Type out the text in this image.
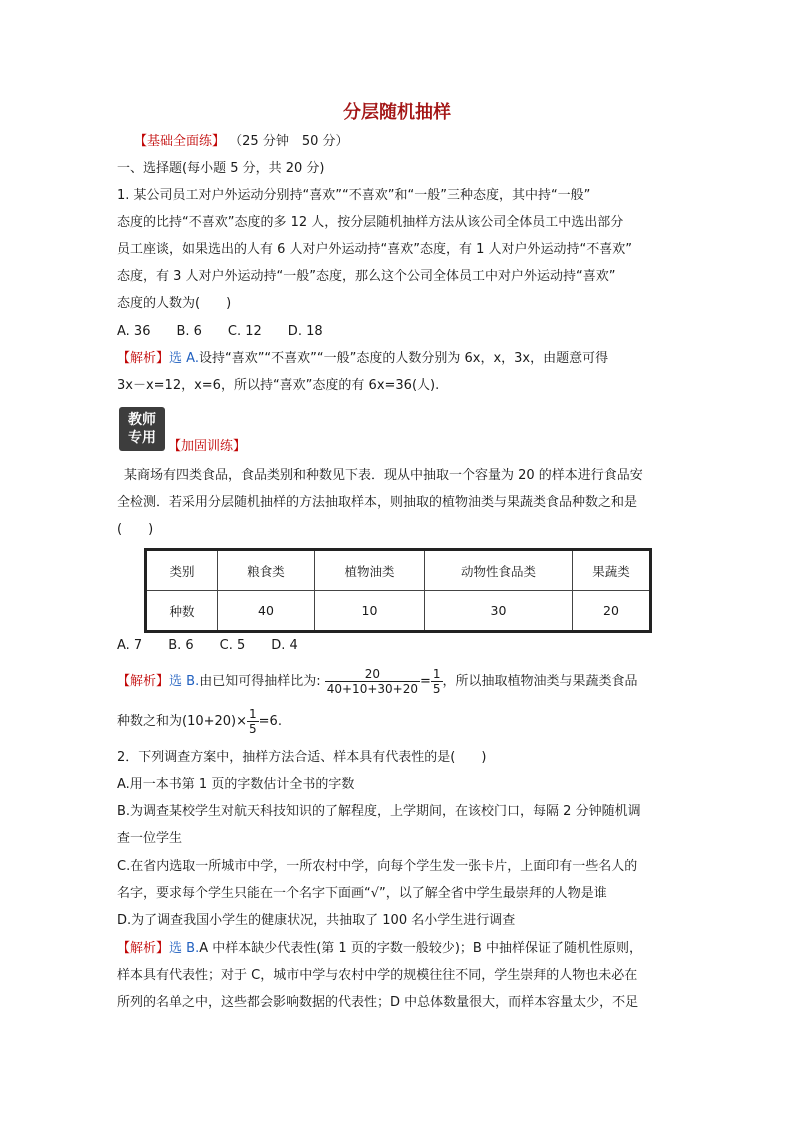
分层随机抽样
【基础全面练】 （25 分钟　50 分）
一、选择题(每小题 5 分，共 20 分)
1. 某公司员工对户外运动分别持“喜欢”“不喜欢”和“一般”三种态度，其中持“一般”
态度的比持“不喜欢”态度的多 12 人，按分层随机抽样方法从该公司全体员工中选出部分
员工座谈，如果选出的人有 6 人对户外运动持“喜欢”态度，有 1 人对户外运动持“不喜欢”
态度，有 3 人对户外运动持“一般”态度，那么这个公司全体员工中对户外运动持“喜欢”
态度的人数为(　　)
A. 36　　B. 6　　C. 12　　D. 18
【解析】选 A.设持“喜欢”“不喜欢”“一般”态度的人数分别为 6x，x，3x，由题意可得
3x－x=12，x=6，所以持“喜欢”态度的有 6x=36(人).
教师
专用
【加固训练】
某商场有四类食品，食品类别和种数见下表．现从中抽取一个容量为 20 的样本进行食品安
全检测．若采用分层随机抽样的方法抽取样本，则抽取的植物油类与果蔬类食品种数之和是
(　　)
类别	粮食类	植物油类	动物性食品类	果蔬类
种数	40	10	30	20
A. 7　　B. 6　　C. 5　　D. 4
【解析】选 B.由已知可得抽样比为: $\frac{20}{40+10+30+20} = \frac{1}{5}$ ，所以抽取植物油类与果蔬类食品
种数之和为$(10+20)\times \frac{1}{5} =6$.
2．下列调查方案中，抽样方法合适、样本具有代表性的是(　　)
A.用一本书第 1 页的字数估计全书的字数
B.为调查某校学生对航天科技知识的了解程度，上学期间，在该校门口，每隔 2 分钟随机调
查一位学生
C.在省内选取一所城市中学，一所农村中学，向每个学生发一张卡片，上面印有一些名人的
名字，要求每个学生只能在一个名字下面画“√”，以了解全省中学生最崇拜的人物是谁
D.为了调查我国小学生的健康状况，共抽取了 100 名小学生进行调查
【解析】选 B.A 中样本缺少代表性(第 1 页的字数一般较少)；B 中抽样保证了随机性原则，
样本具有代表性；对于 C，城市中学与农村中学的规模往往不同，学生崇拜的人物也未必在
所列的名单之中，这些都会影响数据的代表性；D 中总体数量很大，而样本容量太少，不足
